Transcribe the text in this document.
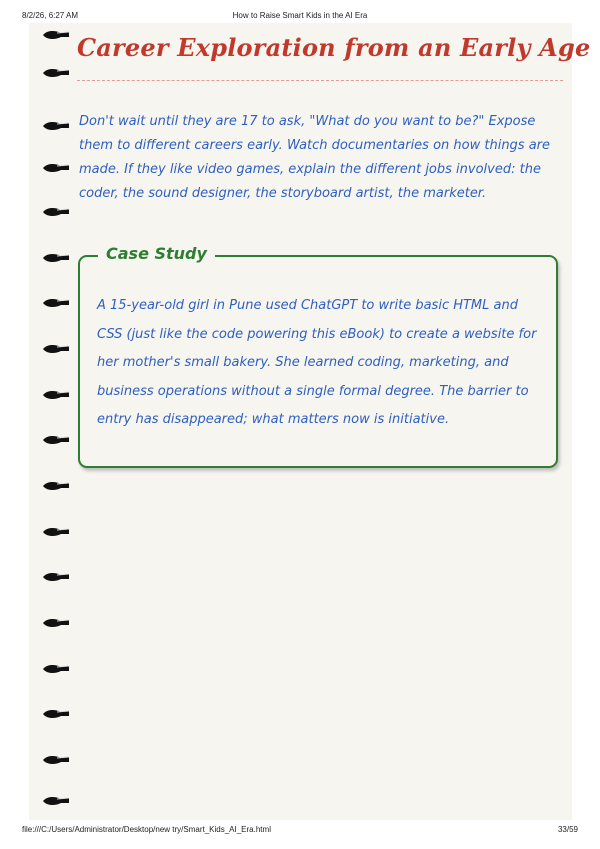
8/2/26, 6:27 AM	How to Raise Smart Kids in the AI Era
Career Exploration from an Early Age

Don't wait until they are 17 to ask, "What do you want to be?" Expose them to different careers early. Watch documentaries on how things are made. If they like video games, explain the different jobs involved: the coder, the sound designer, the storyboard artist, the marketer.

Case Study

A 15-year-old girl in Pune used ChatGPT to write basic HTML and CSS (just like the code powering this eBook) to create a website for her mother's small bakery. She learned coding, marketing, and business operations without a single formal degree. The barrier to entry has disappeared; what matters now is initiative.

file:///C:/Users/Administrator/Desktop/new try/Smart_Kids_AI_Era.html	33/59
